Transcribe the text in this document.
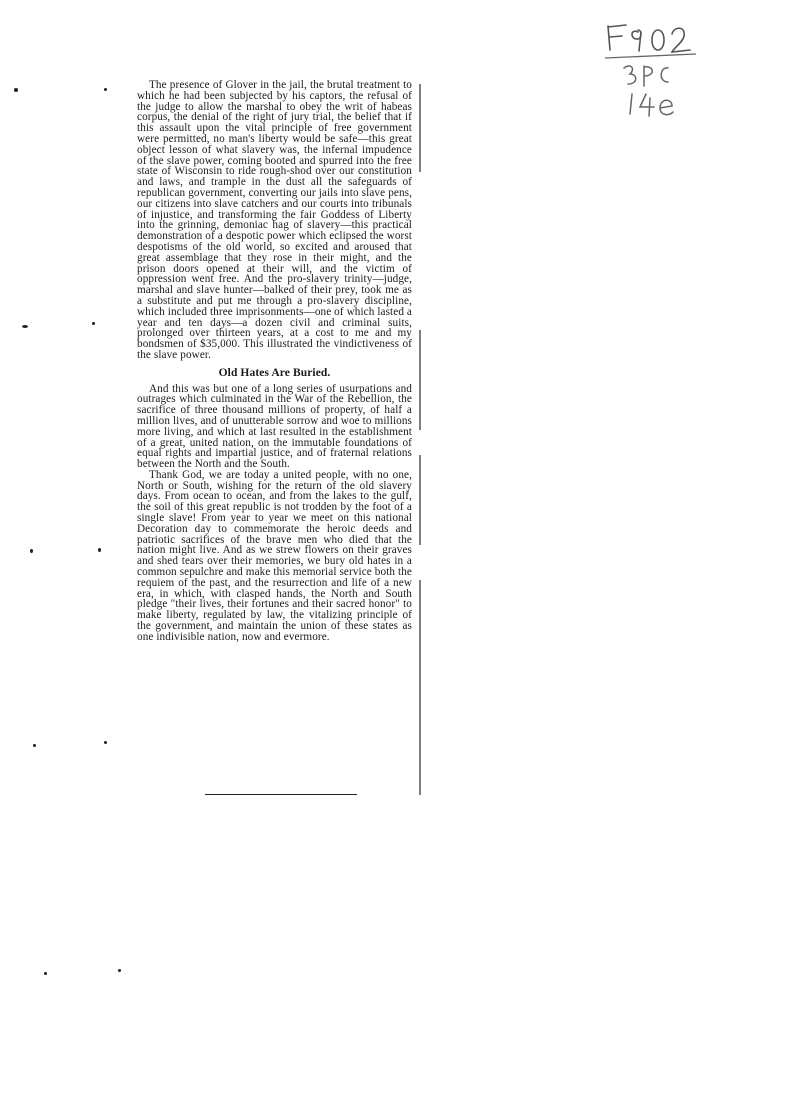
The presence of Glover in the jail, the brutal treatment to which he had been subjected by his captors, the refusal of the judge to allow the marshal to obey the writ of habeas corpus, the denial of the right of jury trial, the belief that if this assault upon the vital principle of free government were permitted, no man's liberty would be safe—this great object lesson of what slavery was, the infernal impudence of the slave power, coming booted and spurred into the free state of Wisconsin to ride rough-shod over our constitution and laws, and trample in the dust all the safeguards of republican government, converting our jails into slave pens, our citizens into slave catchers and our courts into tribunals of injustice, and transforming the fair Goddess of Liberty into the grinning, demoniac hag of slavery—this practical demonstration of a despotic power which eclipsed the worst despotisms of the old world, so excited and aroused that great assemblage that they rose in their might, and the prison doors opened at their will, and the victim of oppression went free. And the pro-slavery trinity—judge, marshal and slave hunter—balked of their prey, took me as a substitute and put me through a pro-slavery discipline, which included three imprisonments—one of which lasted a year and ten days—a dozen civil and criminal suits, prolonged over thirteen years, at a cost to me and my bondsmen of $35,000. This illustrated the vindictiveness of the slave power.

Old Hates Are Buried.

And this was but one of a long series of usurpations and outrages which culminated in the War of the Rebellion, the sacrifice of three thousand millions of property, of half a million lives, and of unutterable sorrow and woe to millions more living, and which at last resulted in the establishment of a great, united nation, on the immutable foundations of equal rights and impartial justice, and of fraternal relations between the North and the South.

Thank God, we are today a united people, with no one, North or South, wishing for the return of the old slavery days. From ocean to ocean, and from the lakes to the gulf, the soil of this great republic is not trodden by the foot of a single slave! From year to year we meet on this national Decoration day to commemorate the heroic deeds and patriotic sacrifices of the brave men who died that the nation might live. And as we strew flowers on their graves and shed tears over their memories, we bury old hates in a common sepulchre and make this memorial service both the requiem of the past, and the resurrection and life of a new era, in which, with clasped hands, the North and South pledge "their lives, their fortunes and their sacred honor" to make liberty, regulated by law, the vitalizing principle of the government, and maintain the union of these states as one indivisible nation, now and evermore.
